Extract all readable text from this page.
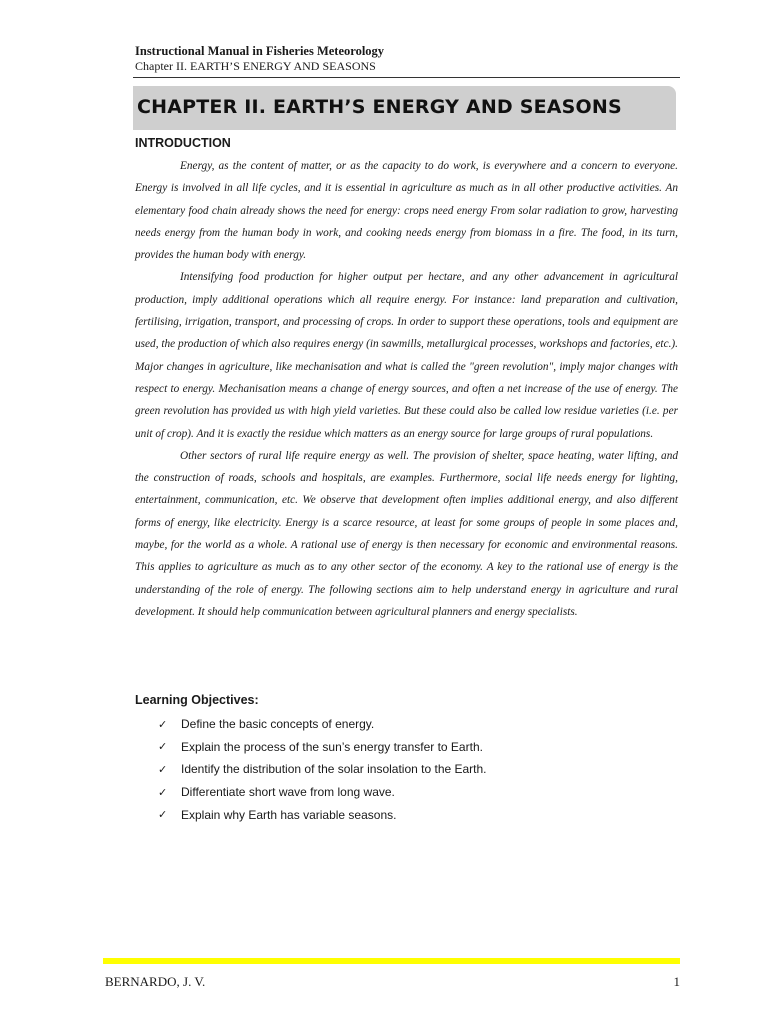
Instructional Manual in Fisheries Meteorology
Chapter II. EARTH’S ENERGY AND SEASONS
CHAPTER II. EARTH’S ENERGY AND SEASONS
INTRODUCTION

Energy, as the content of matter, or as the capacity to do work, is everywhere and a concern to everyone. Energy is involved in all life cycles, and it is essential in agriculture as much as in all other productive activities. An elementary food chain already shows the need for energy: crops need energy From solar radiation to grow, harvesting needs energy from the human body in work, and cooking needs energy from biomass in a fire. The food, in its turn, provides the human body with energy.

Intensifying food production for higher output per hectare, and any other advancement in agricultural production, imply additional operations which all require energy. For instance: land preparation and cultivation, fertilising, irrigation, transport, and processing of crops. In order to support these operations, tools and equipment are used, the production of which also requires energy (in sawmills, metallurgical processes, workshops and factories, etc.). Major changes in agriculture, like mechanisation and what is called the "green revolution", imply major changes with respect to energy. Mechanisation means a change of energy sources, and often a net increase of the use of energy. The green revolution has provided us with high yield varieties. But these could also be called low residue varieties (i.e. per unit of crop). And it is exactly the residue which matters as an energy source for large groups of rural populations.

Other sectors of rural life require energy as well. The provision of shelter, space heating, water lifting, and the construction of roads, schools and hospitals, are examples. Furthermore, social life needs energy for lighting, entertainment, communication, etc. We observe that development often implies additional energy, and also different forms of energy, like electricity. Energy is a scarce resource, at least for some groups of people in some places and, maybe, for the world as a whole. A rational use of energy is then necessary for economic and environmental reasons. This applies to agriculture as much as to any other sector of the economy. A key to the rational use of energy is the understanding of the role of energy. The following sections aim to help understand energy in agriculture and rural development. It should help communication between agricultural planners and energy specialists.

Learning Objectives:
✓	Define the basic concepts of energy.
✓	Explain the process of the sun’s energy transfer to Earth.
✓	Identify the distribution of the solar insolation to the Earth.
✓	Differentiate short wave from long wave.
✓	Explain why Earth has variable seasons.
BERNARDO, J. V.	1
